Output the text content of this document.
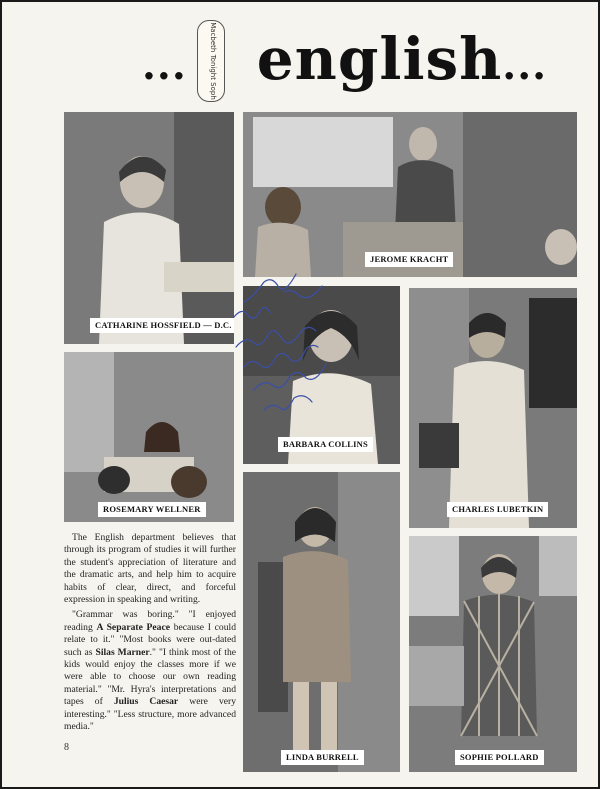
... english...
Macbeth Tonight Soph
CATHARINE HOSSFIELD — D.C.
JEROME KRACHT
BARBARA COLLINS
CHARLES LUBETKIN
ROSEMARY WELLNER
LINDA BURRELL	SOPHIE POLLARD

The English department believes that through its program of studies it will further the student's appreciation of literature and the dramatic arts, and help him to acquire habits of clear, direct, and forceful expression in speaking and writing.

"Grammar was boring." "I enjoyed reading A Separate Peace because I could relate to it." "Most books were out-dated such as Silas Marner." "I think most of the kids would enjoy the classes more if we were able to choose our own reading material." "Mr. Hyra's interpretations and tapes of Julius Caesar were very interesting." "Less structure, more advanced media."

8
